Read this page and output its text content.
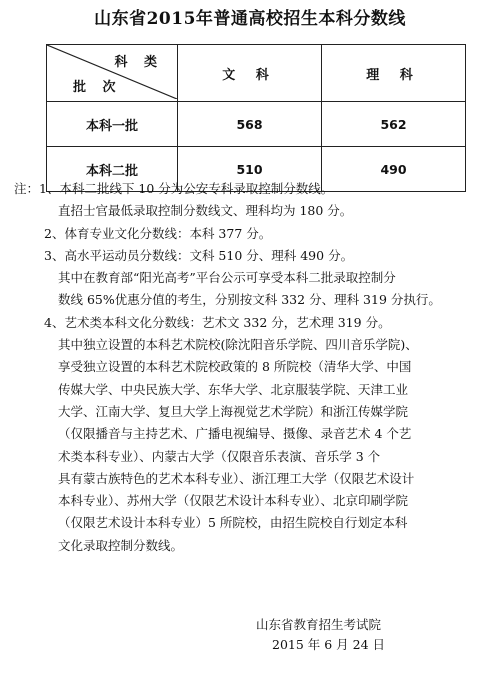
山东省2015年普通高校招生本科分数线
科 类
批 次	文 科	理 科
本科一批	568	562
本科二批	510	490
注：1、本科二批线下 10 分为公安专科录取控制分数线。
直招士官最低录取控制分数线文、理科均为 180 分。
2、体育专业文化分数线：本科 377 分。
3、高水平运动员分数线：文科 510 分、理科 490 分。
其中在教育部“阳光高考”平台公示可享受本科二批录取控制分
数线 65%优惠分值的考生，分别按文科 332 分、理科 319 分执行。
4、艺术类本科文化分数线：艺术文 332 分，艺术理 319 分。
其中独立设置的本科艺术院校(除沈阳音乐学院、四川音乐学院)、
享受独立设置的本科艺术院校政策的 8 所院校（清华大学、中国
传媒大学、中央民族大学、东华大学、北京服装学院、天津工业
大学、江南大学、复旦大学上海视觉艺术学院）和浙江传媒学院
（仅限播音与主持艺术、广播电视编导、摄像、录音艺术 4 个艺
术类本科专业）、内蒙古大学（仅限音乐表演、音乐学 3 个
具有蒙古族特色的艺术本科专业）、浙江理工大学（仅限艺术设计
本科专业）、苏州大学（仅限艺术设计本科专业）、北京印刷学院
（仅限艺术设计本科专业）5 所院校，由招生院校自行划定本科
文化录取控制分数线。
山东省教育招生考试院
2015 年 6 月 24 日
